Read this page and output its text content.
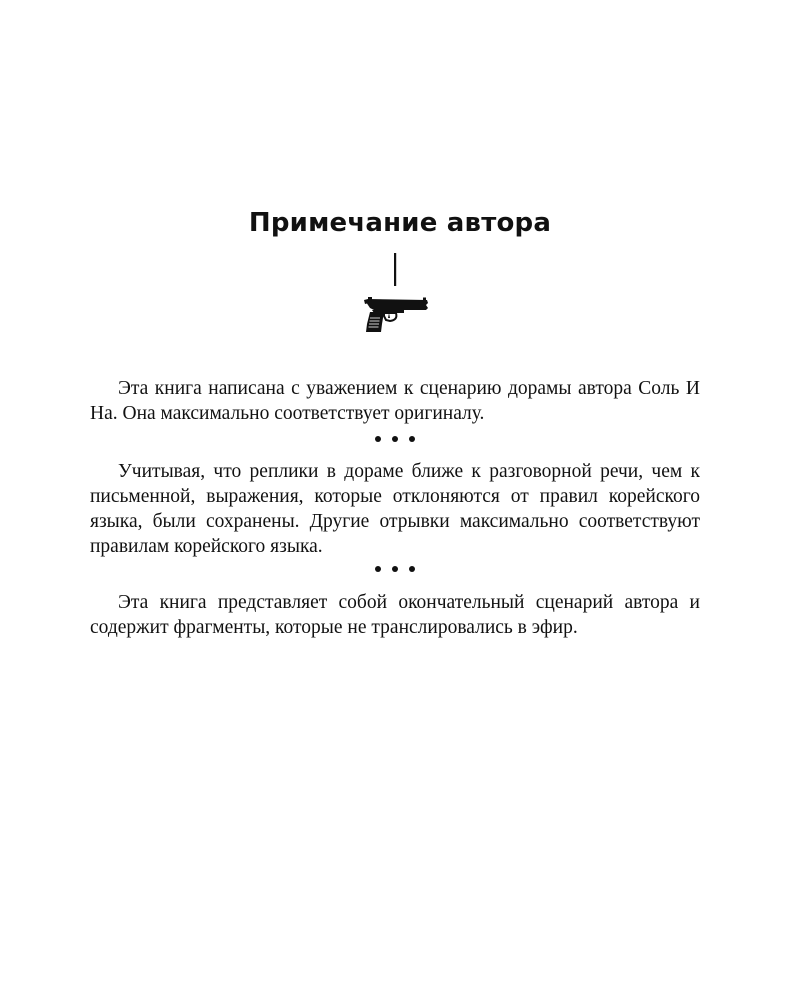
Примечание автора

Эта книга написана с уважением к сценарию дорамы автора Соль И На. Она максимально соответствует оригиналу.

Учитывая, что реплики в дораме ближе к разговорной речи, чем к письменной, выражения, которые отклоняются от правил корейского языка, были сохранены. Другие отрывки максимально соответствуют правилам корейского языка.

Эта книга представляет собой окончательный сценарий автора и содержит фрагменты, которые не транслировались в эфир.
